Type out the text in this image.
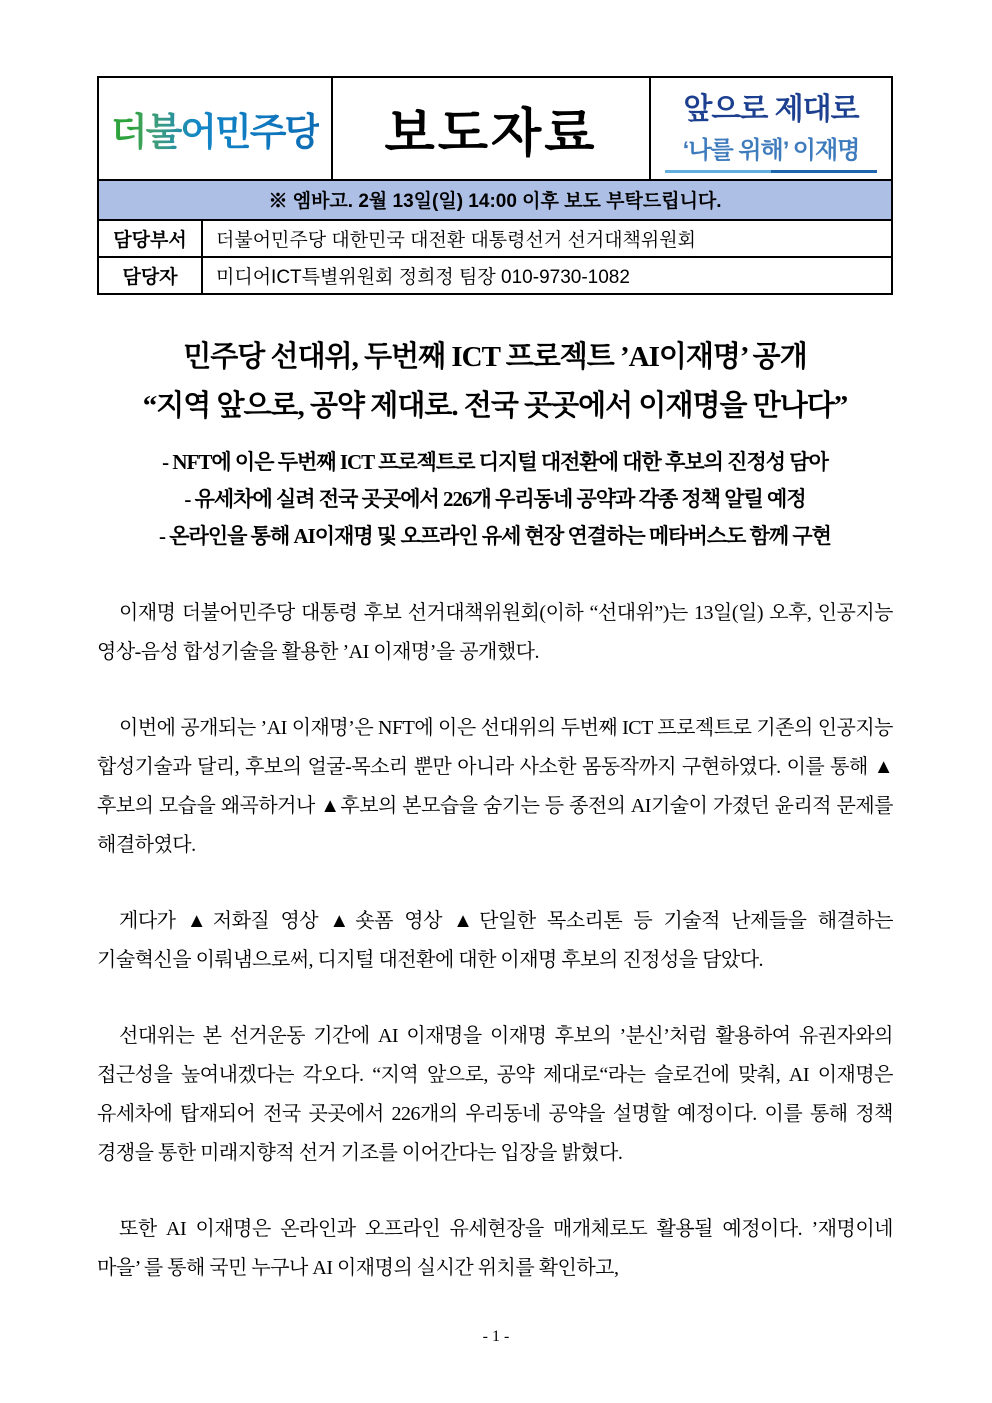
더불어민주당 보도자료	앞으로 제대로
‘나를 위해’ 이재명
※ 엠바고. 2월 13일(일) 14:00 이후 보도 부탁드립니다.
담당부서	더불어민주당 대한민국 대전환 대통령선거 선거대책위원회
담당자	미디어ICT특별위원회 정희정 팀장 010-9730-1082
민주당 선대위, 두번째 ICT 프로젝트 ’AI이재명’ 공개
“지역 앞으로, 공약 제대로. 전국 곳곳에서 이재명을 만나다”
- NFT에 이은 두번째 ICT 프로젝트로 디지털 대전환에 대한 후보의 진정성 담아
- 유세차에 실려 전국 곳곳에서 226개 우리동네 공약과 각종 정책 알릴 예정
- 온라인을 통해 AI이재명 및 오프라인 유세 현장 연결하는 메타버스도 함께 구현

이재명 더불어민주당 대통령 후보 선거대책위원회(이하 “선대위”)는 13일(일) 오후, 인공지능 영상-음성 합성기술을 활용한 ’AI 이재명’을 공개했다.

이번에 공개되는 ’AI 이재명’은 NFT에 이은 선대위의 두번째 ICT 프로젝트로 기존의 인공지능 합성기술과 달리, 후보의 얼굴-목소리 뿐만 아니라 사소한 몸동작까지 구현하였다. 이를 통해 ▲후보의 모습을 왜곡하거나 ▲후보의 본모습을 숨기는 등 종전의 AI기술이 가졌던 윤리적 문제를 해결하였다.

게다가 ▲저화질 영상 ▲숏폼 영상 ▲단일한 목소리톤 등 기술적 난제들을 해결하는 기술혁신을 이뤄냄으로써, 디지털 대전환에 대한 이재명 후보의 진정성을 담았다.

선대위는 본 선거운동 기간에 AI 이재명을 이재명 후보의 ’분신’처럼 활용하여 유권자와의 접근성을 높여내겠다는 각오다. “지역 앞으로, 공약 제대로“라는 슬로건에 맞춰, AI 이재명은 유세차에 탑재되어 전국 곳곳에서 226개의 우리동네 공약을 설명할 예정이다. 이를 통해 정책 경쟁을 통한 미래지향적 선거 기조를 이어간다는 입장을 밝혔다.

또한 AI 이재명은 온라인과 오프라인 유세현장을 매개체로도 활용될 예정이다. ’재명이네 마을’ 를 통해 국민 누구나 AI 이재명의 실시간 위치를 확인하고,

- 1 -
